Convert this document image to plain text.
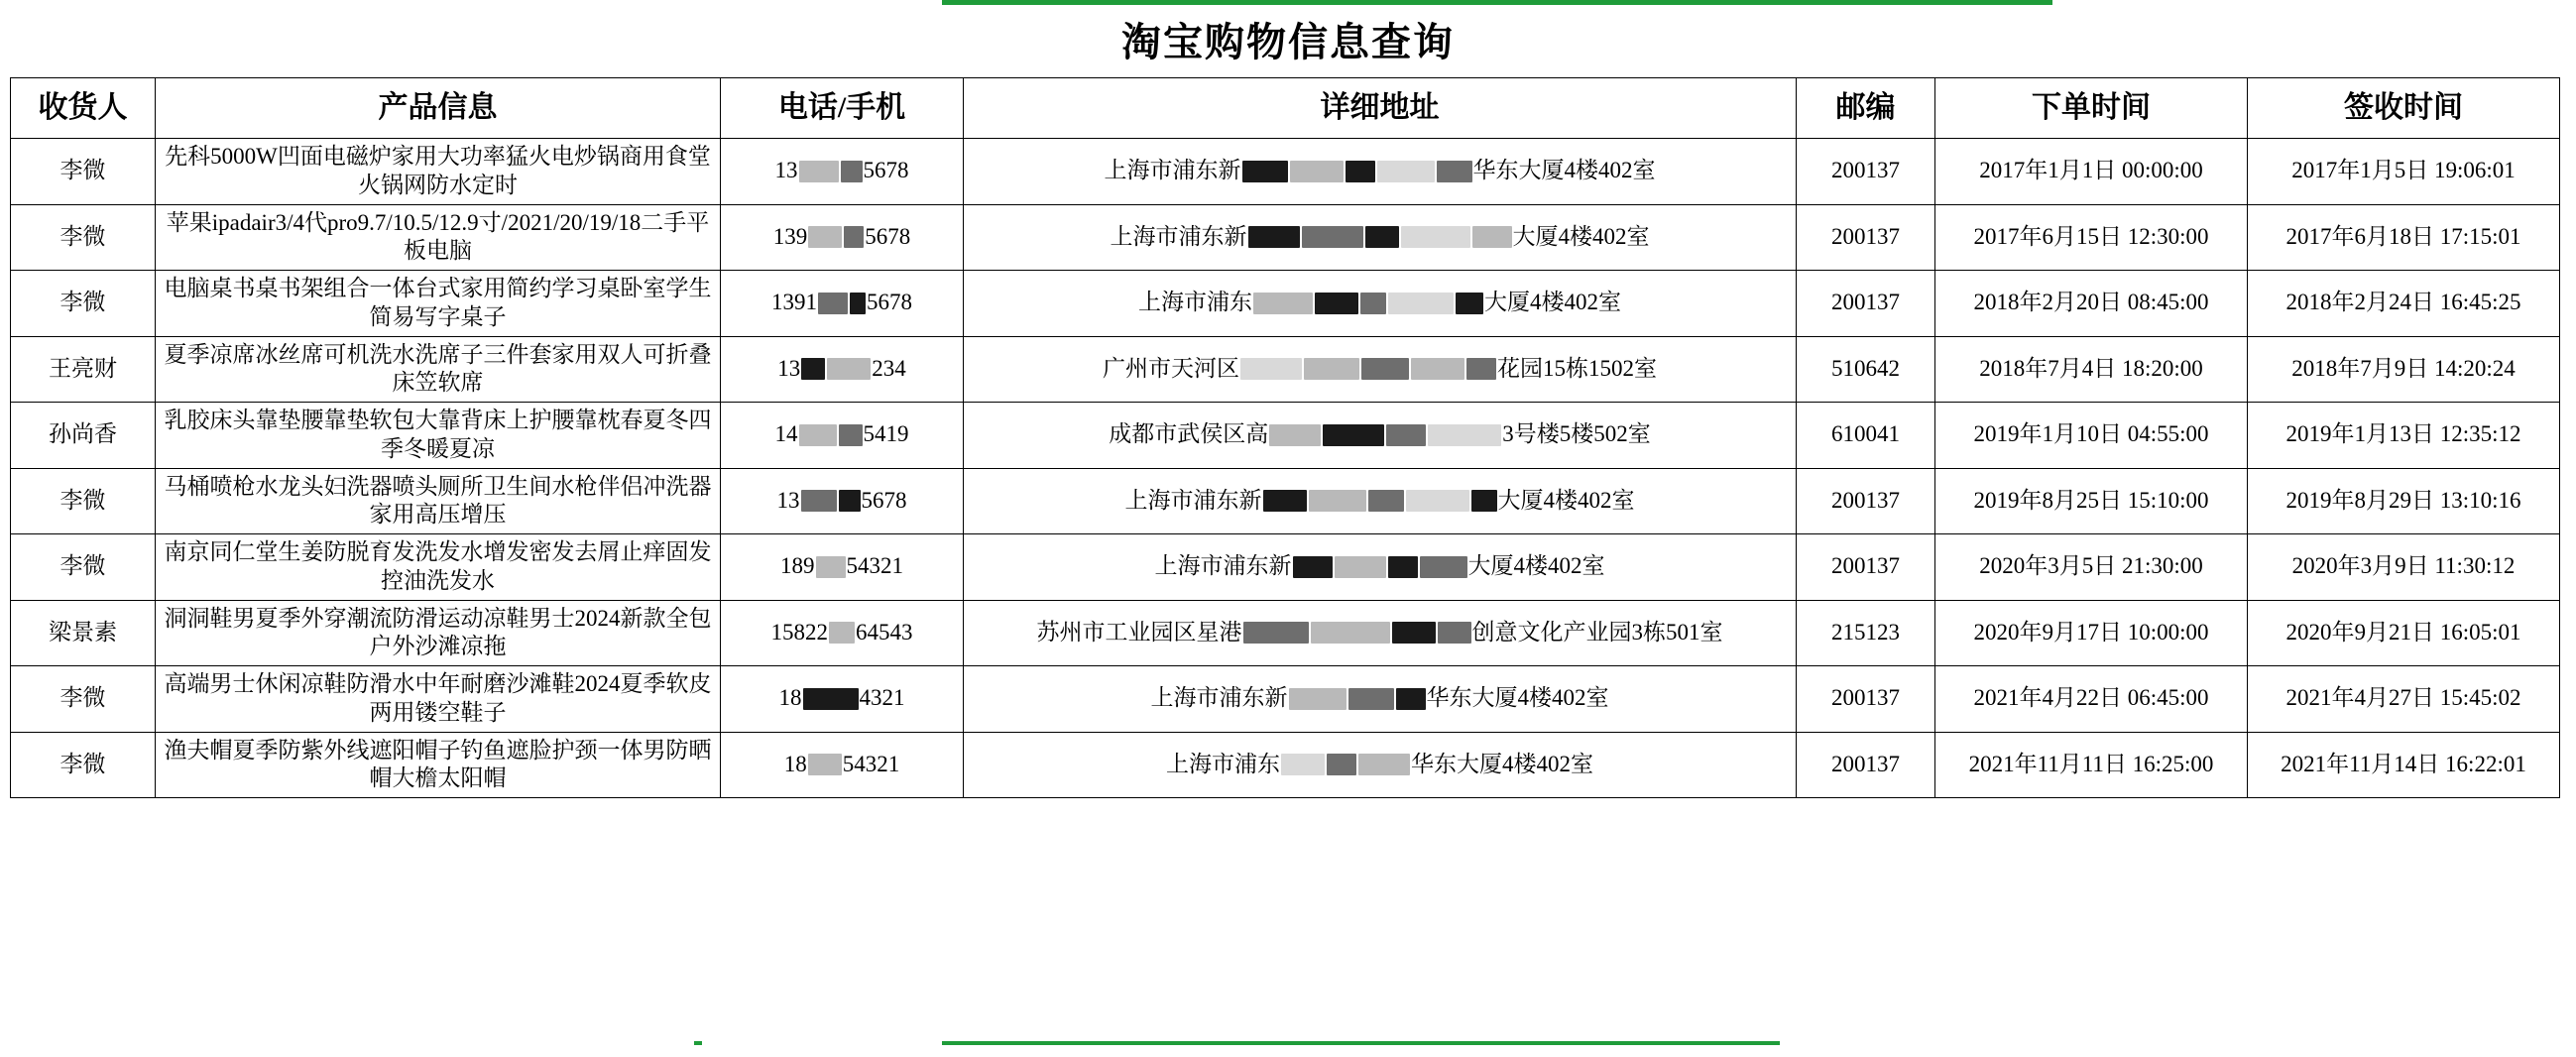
淘宝购物信息查询
收货人	产品信息	电话/手机	详细地址	邮编	下单时间	签收时间
李微	先科5000W凹面电磁炉家用大功率猛火电炒锅商用食堂火锅网防水定时	13 5678	上海市浦东新 华东大厦4楼402室	200137	2017年1月1日 00:00:00	2017年1月5日 19:06:01
李微	苹果ipadair3/4代pro9.7/10.5/12.9寸/2021/20/19/18二手平板电脑	139 5678	上海市浦东新 大厦4楼402室	200137	2017年6月15日 12:30:00	2017年6月18日 17:15:01
李微	电脑桌书桌书架组合一体台式家用简约学习桌卧室学生简易写字桌子	1391 5678	上海市浦东 大厦4楼402室	200137	2018年2月20日 08:45:00	2018年2月24日 16:45:25
王亮财	夏季凉席冰丝席可机洗水洗席子三件套家用双人可折叠床笠软席	13 234	广州市天河区 花园15栋1502室	510642	2018年7月4日 18:20:00	2018年7月9日 14:20:24
孙尚香	乳胶床头靠垫腰靠垫软包大靠背床上护腰靠枕春夏冬四季冬暖夏凉	14 5419	成都市武侯区高 3号楼5楼502室	610041	2019年1月10日 04:55:00	2019年1月13日 12:35:12
李微	马桶喷枪水龙头妇洗器喷头厕所卫生间水枪伴侣冲洗器家用高压增压	13 5678	上海市浦东新 大厦4楼402室	200137	2019年8月25日 15:10:00	2019年8月29日 13:10:16
李微	南京同仁堂生姜防脱育发洗发水增发密发去屑止痒固发控油洗发水	189 54321	上海市浦东新 大厦4楼402室	200137	2020年3月5日 21:30:00	2020年3月9日 11:30:12
梁景素	洞洞鞋男夏季外穿潮流防滑运动凉鞋男士2024新款全包户外沙滩凉拖	15822 64543	苏州市工业园区星港 创意文化产业园3栋501室	215123	2020年9月17日 10:00:00	2020年9月21日 16:05:01
李微	高端男士休闲凉鞋防滑水中年耐磨沙滩鞋2024夏季软皮两用镂空鞋子	18 4321	上海市浦东新 华东大厦4楼402室	200137	2021年4月22日 06:45:00	2021年4月27日 15:45:02
李微	渔夫帽夏季防紫外线遮阳帽子钓鱼遮脸护颈一体男防晒帽大檐太阳帽	18 54321	上海市浦东 华东大厦4楼402室	200137	2021年11月11日 16:25:00	2021年11月14日 16:22:01
